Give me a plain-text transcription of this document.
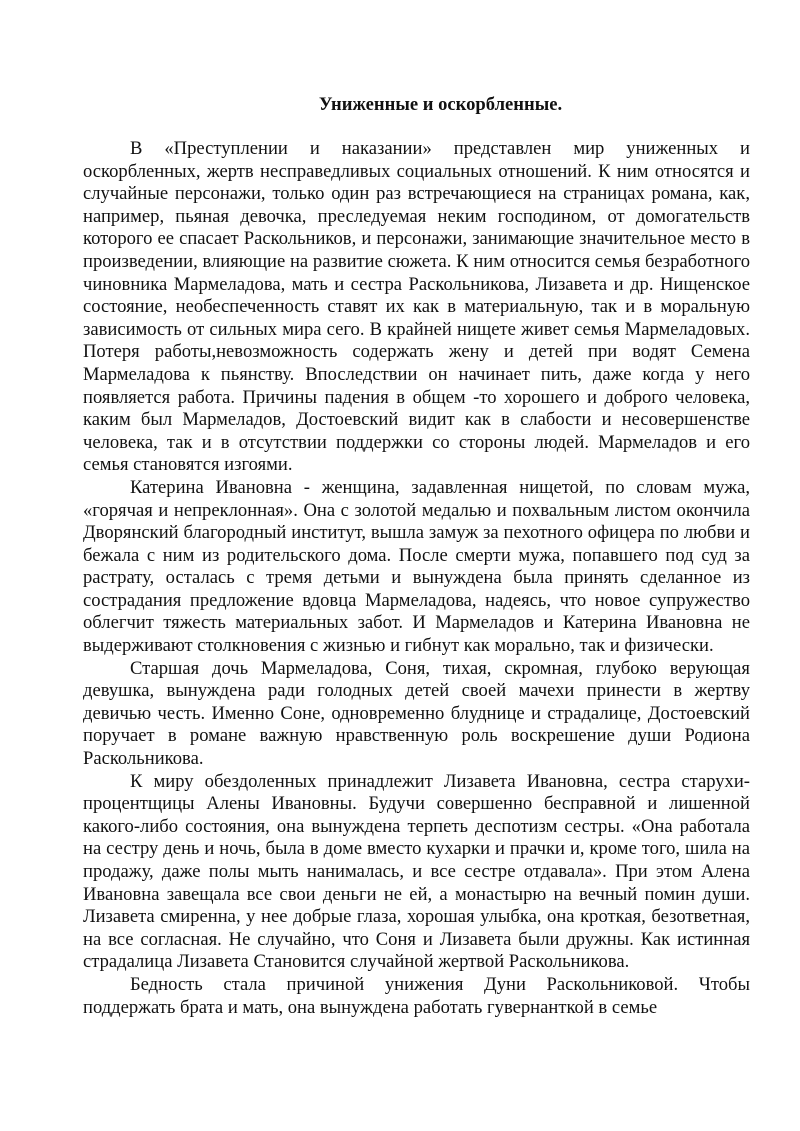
Униженные и оскорбленные.

В «Преступлении и наказании» представлен мир униженных и оскорбленных, жертв несправедливых социальных отношений. К ним относятся и случайные персонажи, только один раз встречающиеся на страницах романа, как, например, пьяная девочка, преследуемая неким господином, от домогательств которого ее спасает Раскольников, и персонажи, занимающие значительное место в произведении, влияющие на развитие сюжета. К ним относится семья безработного чиновника Мармеладова, мать и сестра Раскольникова, Лизавета и др. Нищенское состояние, необеспеченность ставят их как в материальную, так и в моральную зависимость от сильных мира сего. В крайней нищете живет семья Мармеладовых. Потеря работы,невозможность содержать жену и детей при водят Семена Мармеладова к пьянству. Впоследствии он начинает пить, даже когда у него появляется работа. Причины падения в общем -то хорошего и доброго человека, каким был Мармеладов, Достоевский видит как в слабости и несовершенстве человека, так и в отсутствии поддержки со стороны людей. Мармеладов и его семья становятся изгоями.

Катерина Ивановна - женщина, задавленная нищетой, по словам мужа, «горячая и непреклонная». Она с золотой медалью и похвальным листом окончила Дворянский благородный институт, вышла замуж за пехотного офицера по любви и бежала с ним из родительского дома. После смерти мужа, попавшего под суд за растрату, осталась с тремя детьми и вынуждена была принять сделанное из сострадания предложение вдовца Мармеладова, надеясь, что новое супружество облегчит тяжесть материальных забот. И Мармеладов и Катерина Ивановна не выдерживают столкновения с жизнью и гибнут как морально, так и физически.

Старшая дочь Мармеладова, Соня, тихая, скромная, глубоко верующая девушка, вынуждена ради голодных детей своей мачехи принести в жертву девичью честь. Именно Соне, одновременно блуднице и страдалице, Достоевский поручает в романе важную нравственную роль воскрешение души Родиона Раскольникова.

К миру обездоленных принадлежит Лизавета Ивановна, сестра старухи-процентщицы Алены Ивановны. Будучи совершенно бесправной и лишенной какого-либо состояния, она вынуждена терпеть деспотизм сестры. «Она работала на сестру день и ночь, была в доме вместо кухарки и прачки и, кроме того, шила на продажу, даже полы мыть нанималась, и все сестре отдавала». При этом Алена Ивановна завещала все свои деньги не ей, а монастырю на вечный помин души. Лизавета смиренна, у нее добрые глаза, хорошая улыбка, она кроткая, безответная, на все согласная. Не случайно, что Соня и Лизавета были дружны. Как истинная страдалица Лизавета Становится случайной жертвой Раскольникова.

Бедность стала причиной унижения Дуни Раскольниковой. Чтобы поддержать брата и мать, она вынуждена работать гувернанткой в семье
